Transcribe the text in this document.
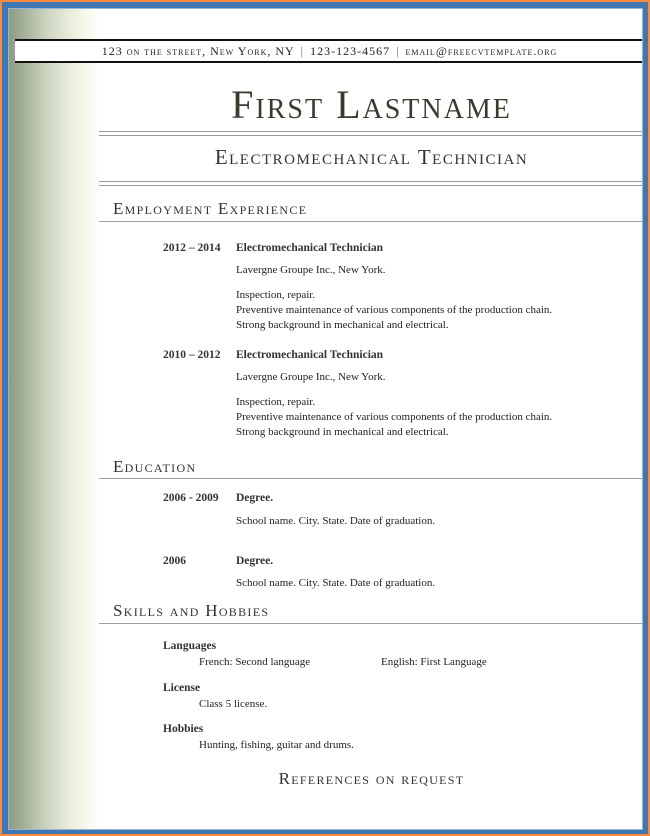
123 on the street, New York, NY | 123-123-4567 | email@freecvtemplate.org
First Lastname
Electromechanical Technician
Employment Experience
2012 – 2014 Electromechanical Technician
Lavergne Groupe Inc., New York.
Inspection, repair.
Preventive maintenance of various components of the production chain.
Strong background in mechanical and electrical.
2010 – 2012 Electromechanical Technician
Lavergne Groupe Inc., New York.
Inspection, repair.
Preventive maintenance of various components of the production chain.
Strong background in mechanical and electrical.
Education
2006 - 2009 Degree.
School name. City. State. Date of graduation.
2006	Degree.
School name. City. State. Date of graduation.
Skills and Hobbies
Languages
French: Second language	English: First Language
License
Class 5 license.
Hobbies
Hunting, fishing, guitar and drums.
References on request
